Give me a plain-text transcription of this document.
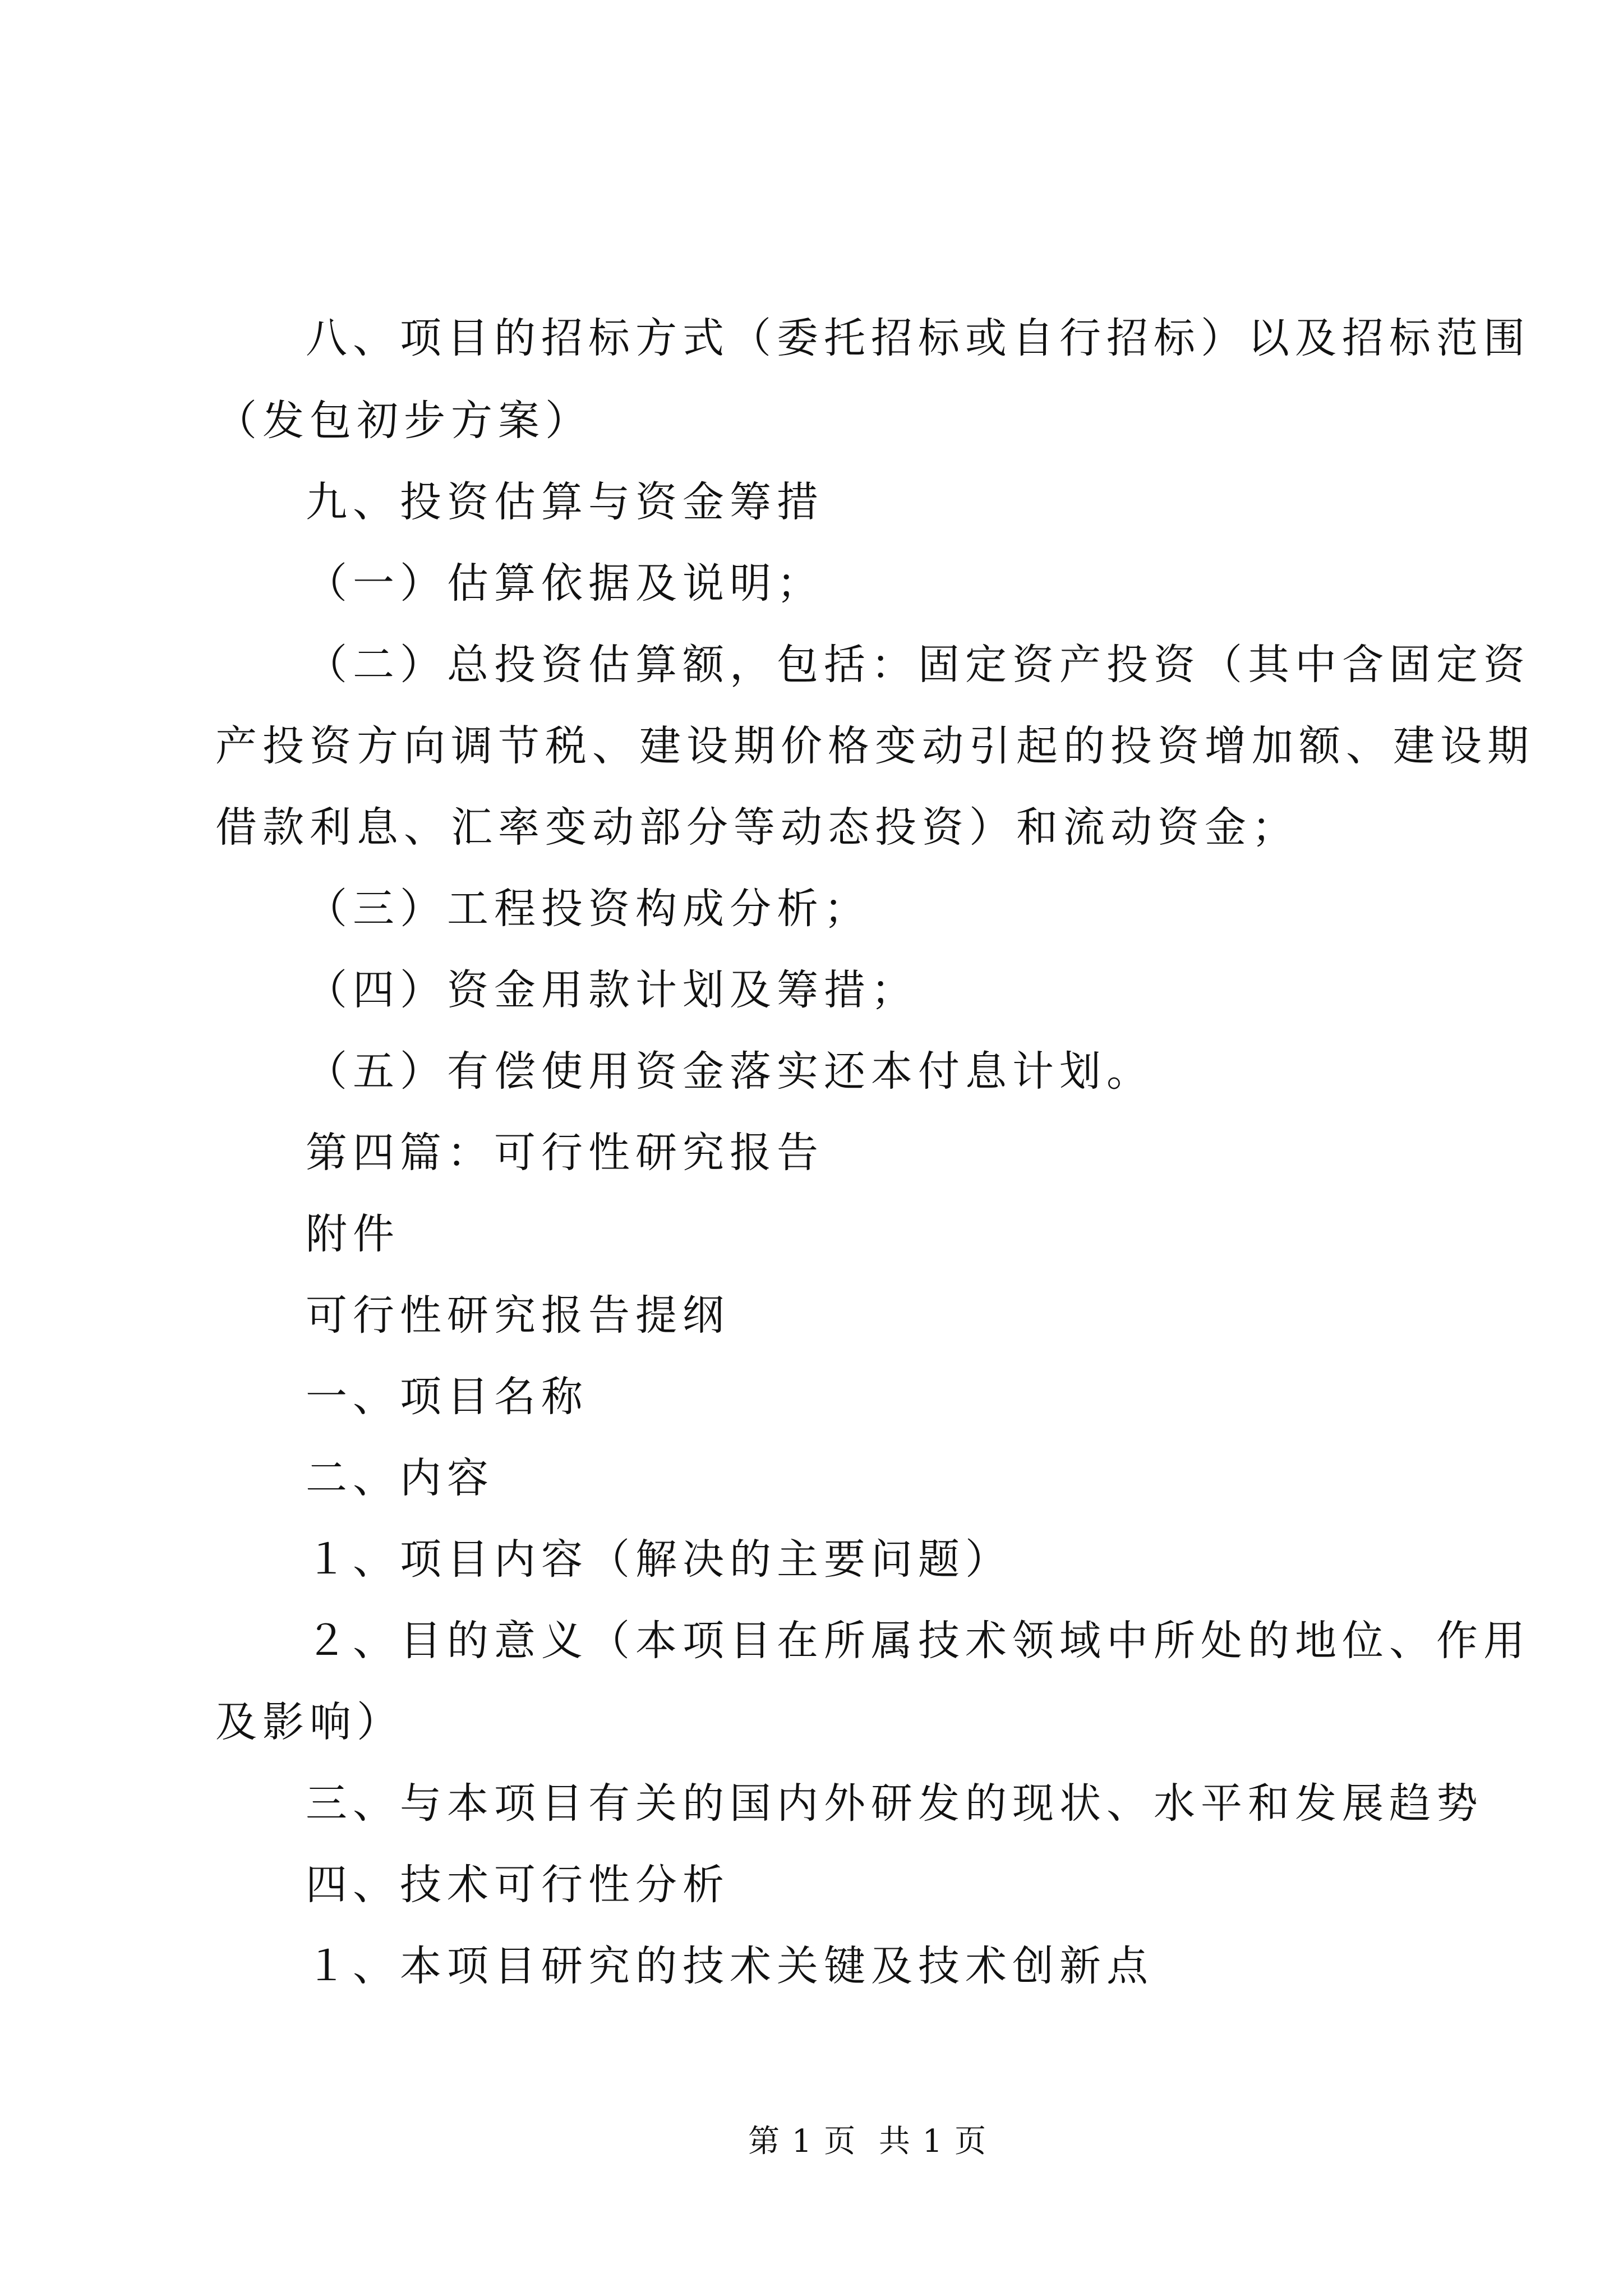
八、项目的招标方式（委托招标或自行招标）以及招标范围
（发包初步方案）
九、投资估算与资金筹措
（一）估算依据及说明；
（二）总投资估算额，包括：固定资产投资（其中含固定资
产投资方向调节税、建设期价格变动引起的投资增加额、建设期
借款利息、汇率变动部分等动态投资）和流动资金；
（三）工程投资构成分析；
（四）资金用款计划及筹措；
（五）有偿使用资金落实还本付息计划。
第四篇：可行性研究报告
附件
可行性研究报告提纲
一、项目名称
二、内容
１、项目内容（解决的主要问题）
２、目的意义（本项目在所属技术领域中所处的地位、作用
及影响）
三、与本项目有关的国内外研发的现状、水平和发展趋势
四、技术可行性分析
１、本项目研究的技术关键及技术创新点
第 1 页  共 1 页
